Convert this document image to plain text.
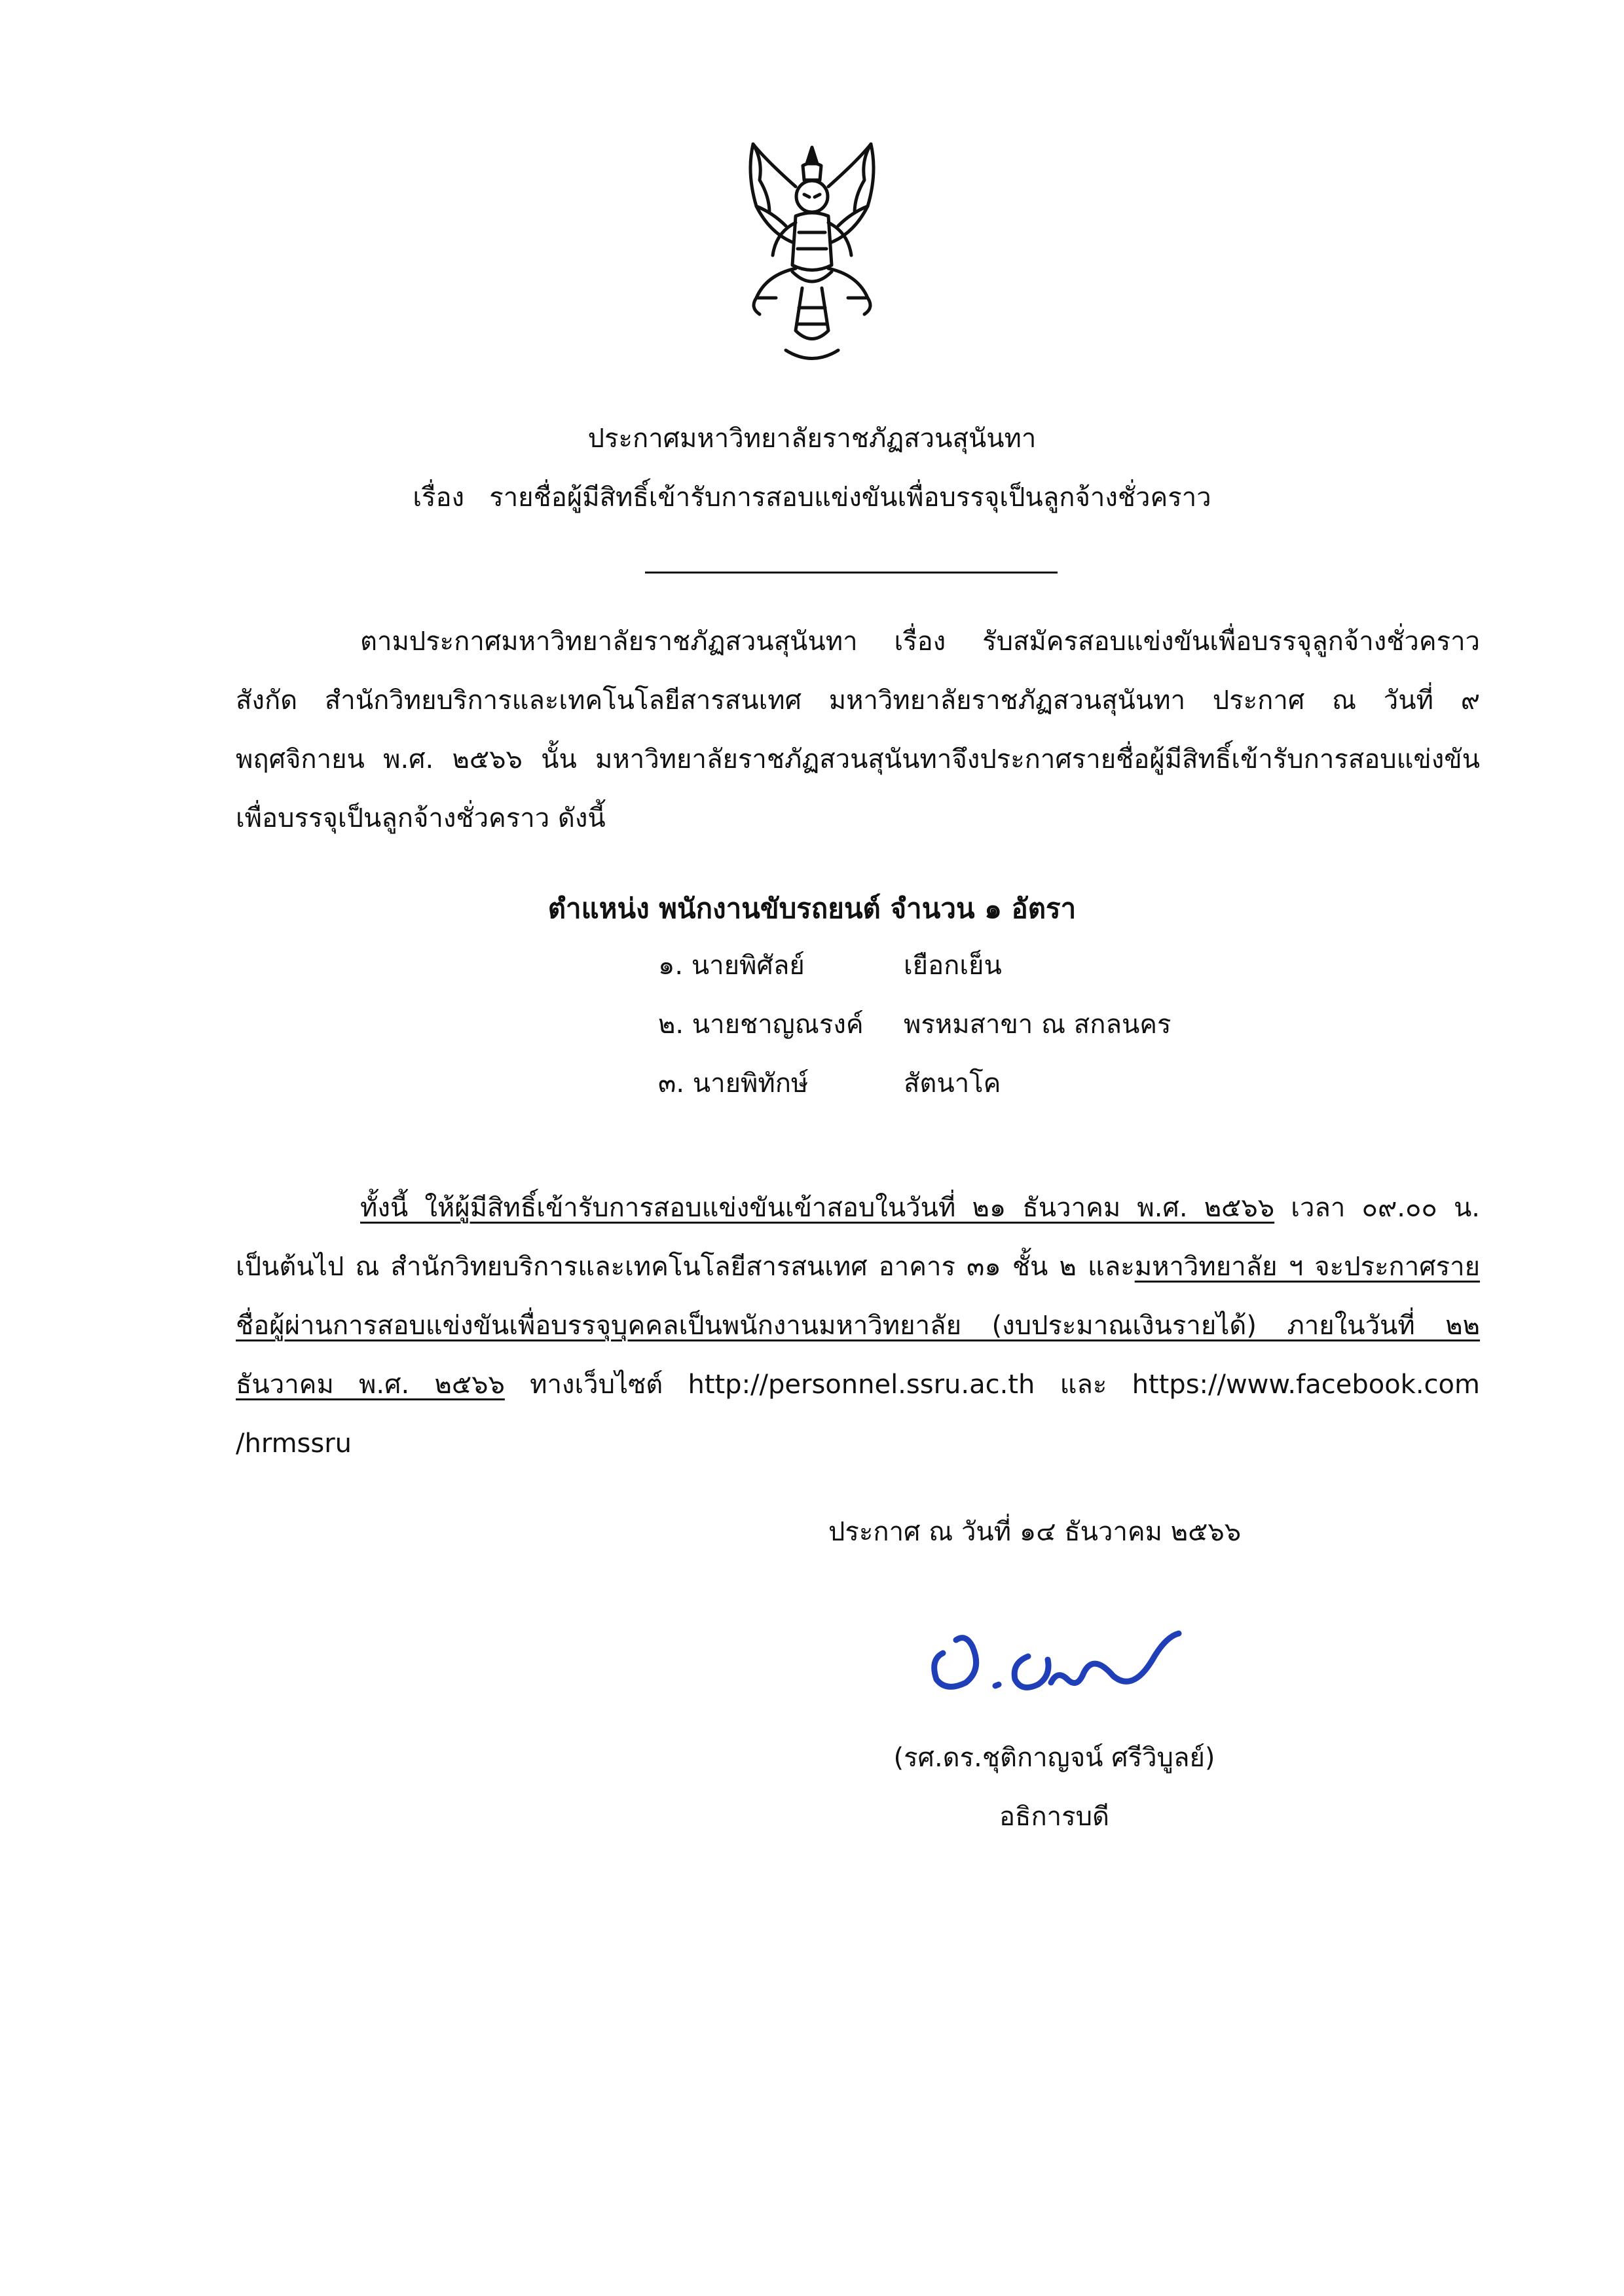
ประกาศมหาวิทยาลัยราชภัฏสวนสุนันทา
เรื่อง รายชื่อผู้มีสิทธิ์เข้ารับการสอบแข่งขันเพื่อบรรจุเป็นลูกจ้างชั่วคราว
ตามประกาศมหาวิทยาลัยราชภัฏสวนสุนันทา เรื่อง รับสมัครสอบแข่งขันเพื่อบรรจุลูกจ้างชั่วคราว สังกัด สำนักวิทยบริการและเทคโนโลยีสารสนเทศ มหาวิทยาลัยราชภัฏสวนสุนันทา ประกาศ ณ วันที่ ๙ พฤศจิกายน พ.ศ. ๒๕๖๖ นั้น มหาวิทยาลัยราชภัฏสวนสุนันทาจึงประกาศรายชื่อผู้มีสิทธิ์เข้ารับการสอบแข่งขันเพื่อบรรจุเป็นลูกจ้างชั่วคราว ดังนี้
ตำแหน่ง พนักงานขับรถยนต์ จำนวน ๑ อัตรา
๑. นายพิศัลย์	เยือกเย็น
๒. นายชาญณรงค์ พรหมสาขา ณ สกลนคร
๓. นายพิทักษ์	สัตนาโค
ทั้งนี้ ให้ผู้มีสิทธิ์เข้ารับการสอบแข่งขันเข้าสอบในวันที่ ๒๑ ธันวาคม พ.ศ. ๒๕๖๖ เวลา ๐๙.๐๐ น. เป็นต้นไป ณ สำนักวิทยบริการและเทคโนโลยีสารสนเทศ อาคาร ๓๑ ชั้น ๒ และมหาวิทยาลัย ฯ จะประกาศรายชื่อผู้ผ่านการสอบแข่งขันเพื่อบรรจุบุคคลเป็นพนักงานมหาวิทยาลัย (งบประมาณเงินรายได้) ภายในวันที่ ๒๒ ธันวาคม พ.ศ. ๒๕๖๖ ทางเว็บไซต์ http://personnel.ssru.ac.th และ https://www.facebook.com /hrmssru
ประกาศ ณ วันที่ ๑๔ ธันวาคม ๒๕๖๖
(รศ.ดร.ชุติกาญจน์ ศรีวิบูลย์)
อธิการบดี
